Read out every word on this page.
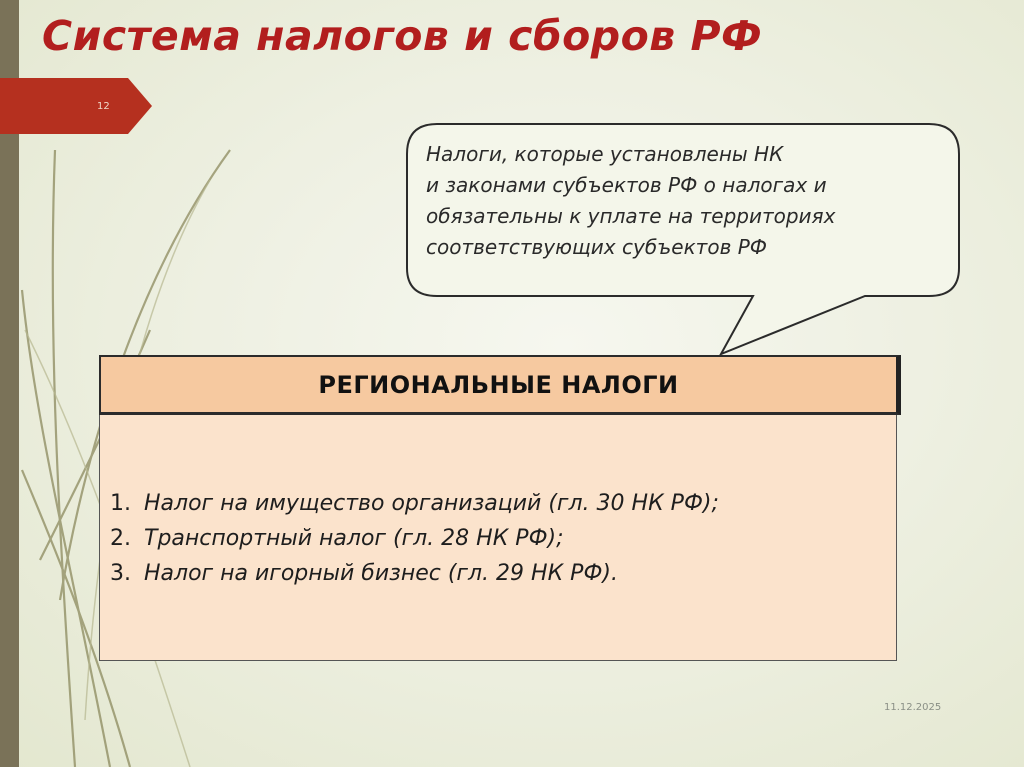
12
Система налогов и сборов РФ
Налоги, которые установлены НК
и законами субъектов РФ о налогах и
обязательны к уплате на территориях
соответствующих субъектов РФ
РЕГИОНАЛЬНЫЕ НАЛОГИ
1. Налог на имущество организаций (гл. 30 НК РФ);
2. Транспортный налог (гл. 28 НК РФ);
3. Налог на игорный бизнес (гл. 29 НК РФ).
11.12.2025
